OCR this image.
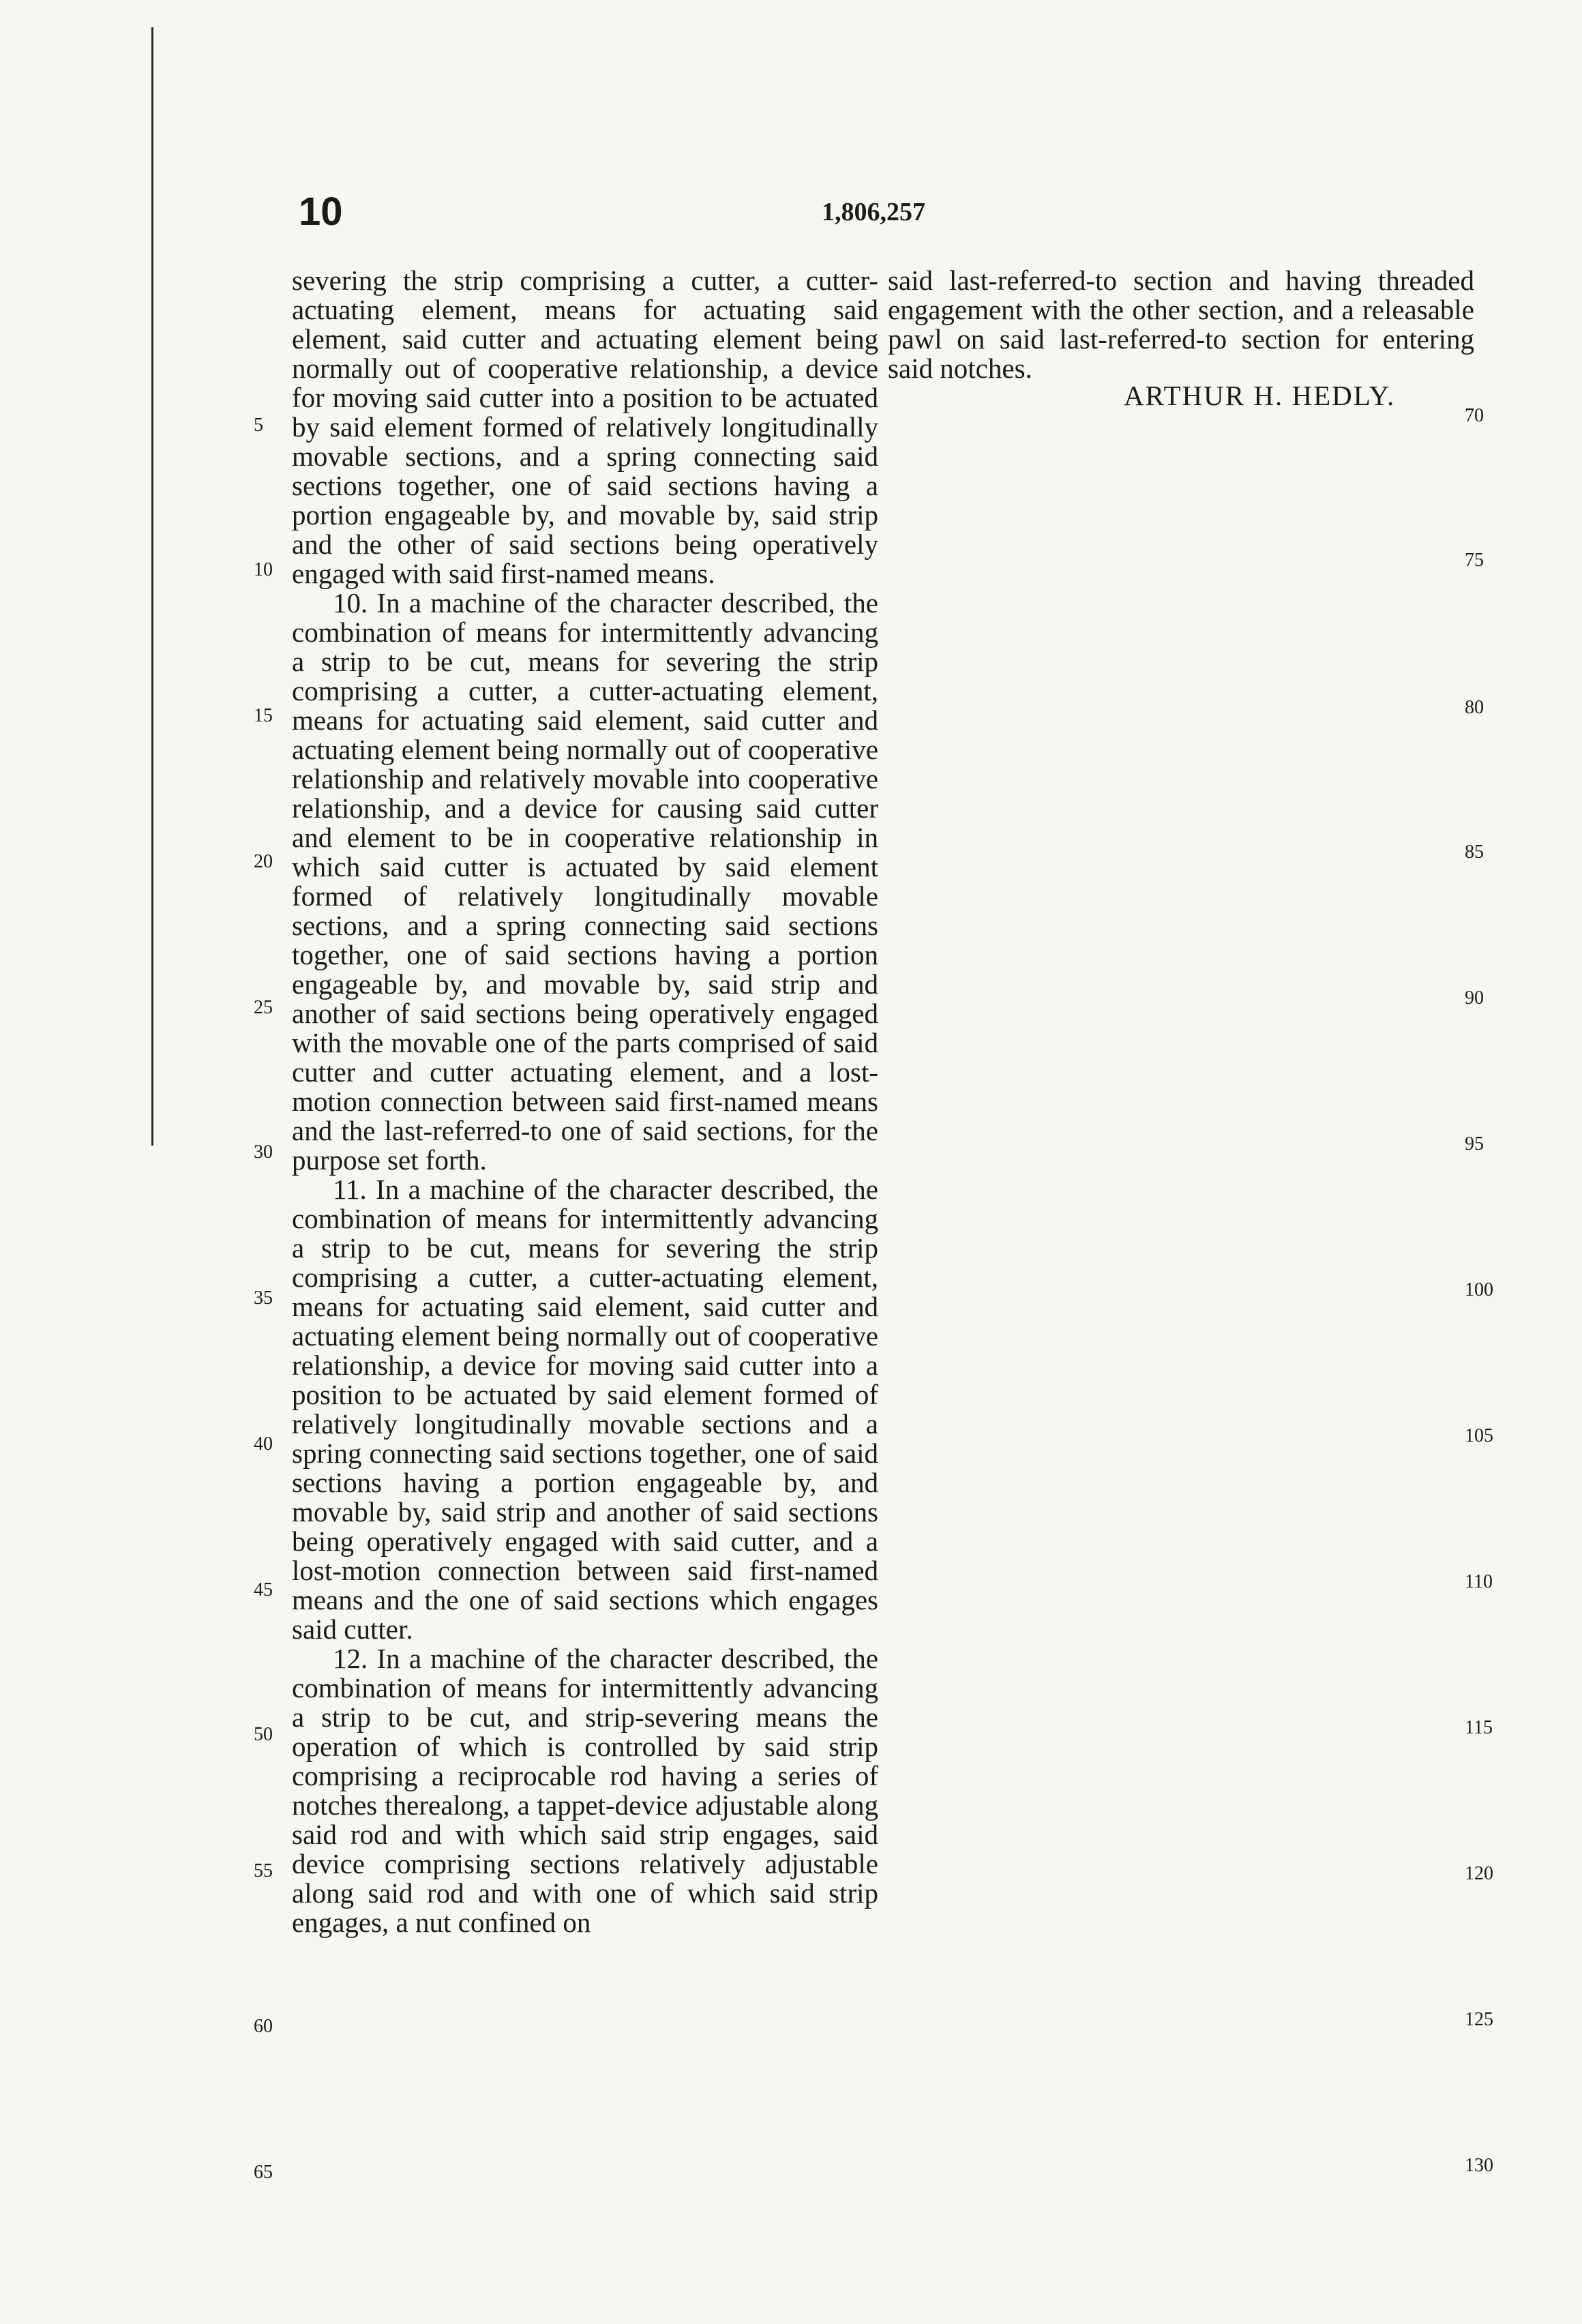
10	1,806,257

severing the strip comprising a cutter, a cutter-actuating element, means for actuating said element, said cutter and actuating element being normally out of cooperative relationship, a device for moving said cutter into a position to be actuated by said element formed of relatively longitudinally movable sections, and a spring connecting said sections together, one of said sections having a portion engageable by, and movable by, said strip and the other of said sections being operatively engaged with said first-named means.

10. In a machine of the character described, the combination of means for intermittently advancing a strip to be cut, means for severing the strip comprising a cutter, a cutter-actuating element, means for actuating said element, said cutter and actuating element being normally out of cooperative relationship and relatively movable into cooperative relationship, and a device for causing said cutter and element to be in cooperative relationship in which said cutter is actuated by said element formed of relatively longitudinally movable sections, and a spring connecting said sections together, one of said sections having a portion engageable by, and movable by, said strip and another of said sections being operatively engaged with the movable one of the parts comprised of said cutter and cutter actuating element, and a lost-motion connection between said first-named means and the last-referred-to one of said sections, for the purpose set forth.

11. In a machine of the character described, the combination of means for intermittently advancing a strip to be cut, means for severing the strip comprising a cutter, a cutter-actuating element, means for actuating said element, said cutter and actuating element being normally out of cooperative relationship, a device for moving said cutter into a position to be actuated by said element formed of relatively longitudinally movable sections and a spring connecting said sections together, one of said sections having a portion engageable by, and movable by, said strip and another of said sections being operatively engaged with said cutter, and a lost-motion connection between said first-named means and the one of said sections which engages said cutter.

12. In a machine of the character described, the combination of means for intermittently advancing a strip to be cut, and strip-severing means the operation of which is controlled by said strip comprising a reciprocable rod having a series of notches therealong, a tappet-device adjustable along said rod and with which said strip engages, said device comprising sections relatively adjustable along said rod and with one of which said strip engages, a nut confined on

said last-referred-to section and having threaded engagement with the other section, and a releasable pawl on said last-referred-to section for entering said notches.

ARTHUR H. HEDLY.
5
10
15
20
25
30
35
40
45
50
55
60
65
70
75
80
85
90
95
100
105
110
115
120
125
130
